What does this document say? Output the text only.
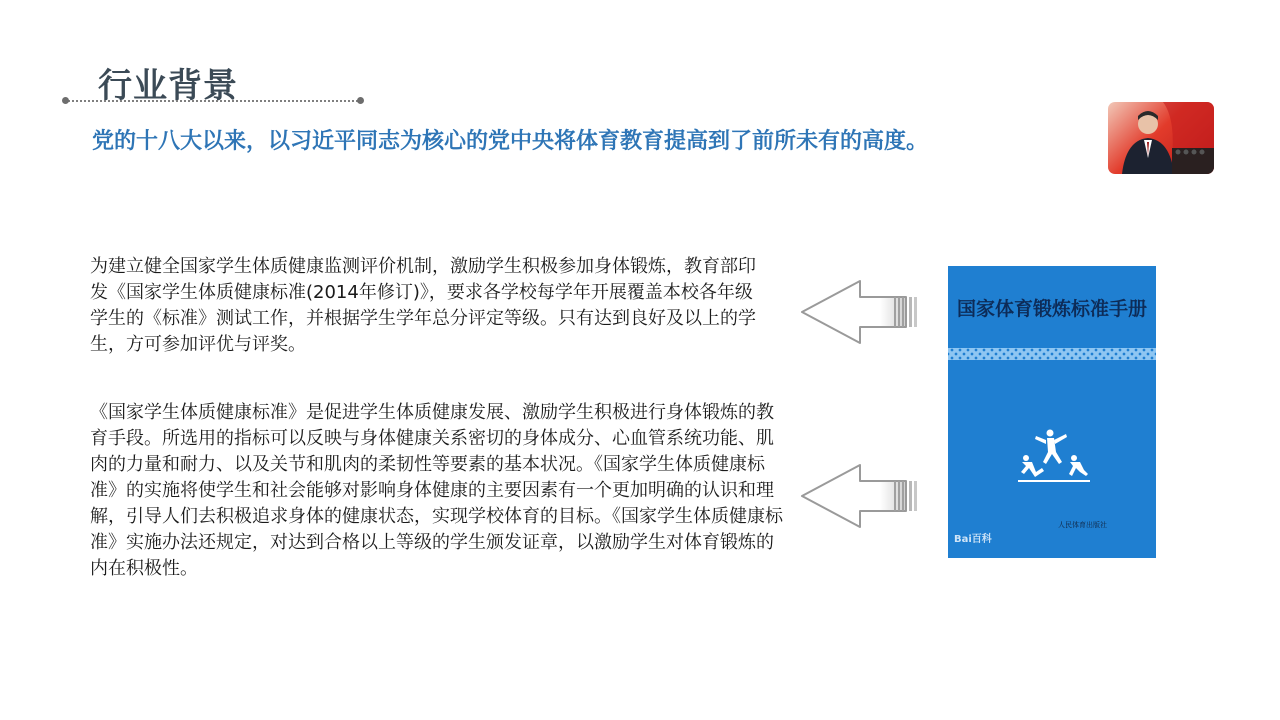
行业背景
党的十八大以来，以习近平同志为核心的党中央将体育教育提高到了前所未有的高度。

为建立健全国家学生体质健康监测评价机制，激励学生积极参加身体锻炼，教育部印发《国家学生体质健康标准(2014年修订)》，要求各学校每学年开展覆盖本校各年级学生的《标准》测试工作，并根据学生学年总分评定等级。只有达到良好及以上的学生，方可参加评优与评奖。

《国家学生体质健康标准》是促进学生体质健康发展、激励学生积极进行身体锻炼的教育手段。所选用的指标可以反映与身体健康关系密切的身体成分、心血管系统功能、肌肉的力量和耐力、以及关节和肌肉的柔韧性等要素的基本状况。《国家学生体质健康标准》的实施将使学生和社会能够对影响身体健康的主要因素有一个更加明确的认识和理解，引导人们去积极追求身体的健康状态，实现学校体育的目标。《国家学生体质健康标准》实施办法还规定，对达到合格以上等级的学生颁发证章，以激励学生对体育锻炼的内在积极性。

国家体育锻炼标准手册
人民体育出版社
Bai百科
